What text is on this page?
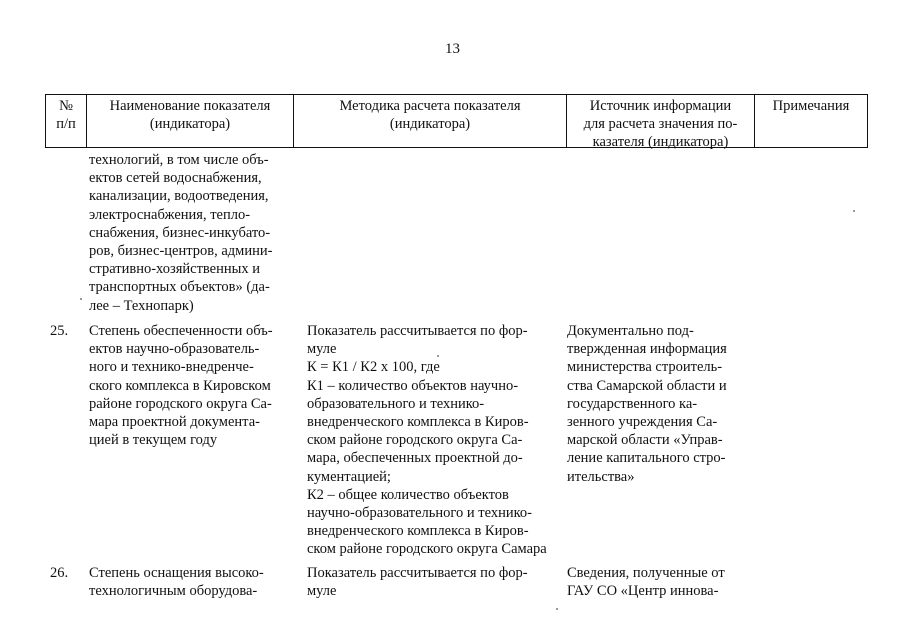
13
№
п/п
Наименование показателя
(индикатора)
Методика расчета показателя
(индикатора)
Источник информации
для расчета значения по-
казателя (индикатора)
Примечания
технологий, в том числе объ-
ектов сетей водоснабжения,
канализации, водоотведения,
электроснабжения, тепло-
снабжения, бизнес-инкубато-
ров, бизнес-центров, админи-
стративно-хозяйственных и
транспортных объектов» (да-
лее – Технопарк)
25. Степень обеспеченности объ-
ектов научно-образователь-
ного и технико-внедренче-
ского комплекса в Кировском
районе городского округа Са-
мара проектной документа-
цией в текущем году
Показатель рассчитывается по фор-
муле
К = К1 / К2 х 100, где
К1 – количество объектов научно-
образовательного и технико-
внедренческого комплекса в Киров-
ском районе городского округа Са-
мара, обеспеченных проектной до-
кументацией;
К2 – общее количество объектов
научно-образовательного и технико-
внедренческого комплекса в Киров-
ском районе городского округа Самара
Документально под-
твержденная информация
министерства строитель-
ства Самарской области и
государственного ка-
зенного учреждения Са-
марской области «Управ-
ление капитального стро-
ительства»
26. Степень оснащения высоко-
технологичным оборудова-
Показатель рассчитывается по фор-
муле
Сведения, полученные от
ГАУ СО «Центр иннова-
